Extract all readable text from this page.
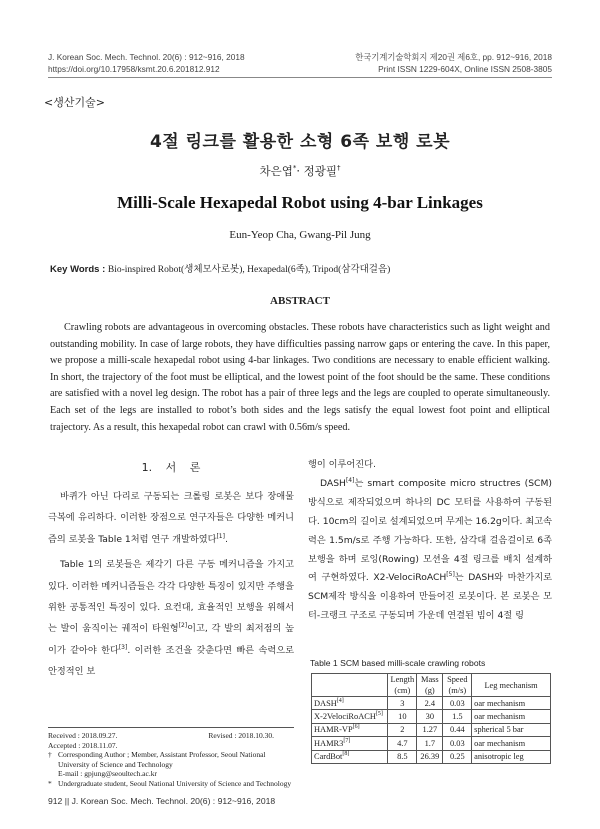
J. Korean Soc. Mech. Technol. 20(6) : 912~916, 2018
https://doi.org/10.17958/ksmt.20.6.201812.912
한국기계기술학회지 제20권 제6호, pp. 912~916, 2018
Print ISSN 1229-604X, Online ISSN 2508-3805
<생산기술>
4절 링크를 활용한 소형 6족 보행 로봇
차은엽*· 정광필†
Milli-Scale Hexapedal Robot using 4-bar Linkages
Eun-Yeop Cha, Gwang-Pil Jung
Key Words : Bio-inspired Robot(생체모사로봇), Hexapedal(6족), Tripod(삼각대걸음)
ABSTRACT

Crawling robots are advantageous in overcoming obstacles. These robots have characteristics such as light weight and outstanding mobility. In case of large robots, they have difficulties passing narrow gaps or entering the cave. In this paper, we propose a milli-scale hexapedal robot using 4-bar linkages. Two conditions are necessary to enable efficient walking. In short, the trajectory of the foot must be elliptical, and the lowest point of the foot should be the same. These conditions are satisfied with a novel leg design. The robot has a pair of three legs and the legs are coupled to operate simultaneously. Each set of the legs are installed to robot’s both sides and the legs satisfy the equal lowest foot point and elliptical trajectory. As a result, this hexapedal robot can crawl with 0.56m/s speed.

1. 서 론

바퀴가 아닌 다리로 구동되는 크롤링 로봇은 보다 장애물 극복에 유리하다. 이러한 장점으로 연구자들은 다양한 메커니즘의 로봇을 Table 1처럼 연구 개발하였다[1].

Table 1의 로봇들은 제각기 다른 구동 메커니즘을 가지고 있다. 이러한 메커니즘들은 각각 다양한 특징이 있지만 주행을 위한 공통적인 특징이 있다. 요컨대, 효율적인 보행을 위해서는 발이 움직이는 궤적이 타원형[2]이고, 각 발의 최저점의 높이가 같아야 한다[3]. 이러한 조건을 갖춘다면 빠른 속력으로 안정적인 보

Received : 2018.09.27.	Revised : 2018.10.30.
Accepted : 2018.11.07.
† Corresponding Author ; Member, Assistant Professor, Seoul National University of Science and Technology
E-mail : gpjung@seoultech.ac.kr
* Undergraduate student, Seoul National University of Science and Technology

행이 이루어진다.

DASH[4]는 smart composite micro structres (SCM) 방식으로 제작되었으며 하나의 DC 모터를 사용하여 구동된다. 10cm의 길이로 설계되었으며 무게는 16.2g이다. 최고속력은 1.5m/s로 주행 가능하다. 또한, 삼각대 걸음걸이로 6족 보행을 하며 로잉(Rowing) 모션을 4절 링크를 배치 설계하여 구현하였다. X2-VelociRoACH[5]는 DASH와 마찬가지로 SCM제작 방식을 이용하여 만들어진 로봇이다. 본 로봇은 모터-크랭크 구조로 구동되며 가운데 연결된 빔이 4절 링

Table 1 SCM based milli-scale crawling robots
	Length (cm)	Mass (g)	Speed (m/s)	Leg mechanism
DASH[4]	3	2.4	0.03	oar mechanism
X-2VelociRoACH[5]	10	30	1.5	oar mechanism
HAMR-VP[6]	2	1.27	0.44	spherical 5 bar
HAMR3[7]	4.7	1.7	0.03	oar mechanism
CardBot[8]	8.5	26.39	0.25	anisotropic leg
912 || J. Korean Soc. Mech. Technol. 20(6) : 912~916, 2018
